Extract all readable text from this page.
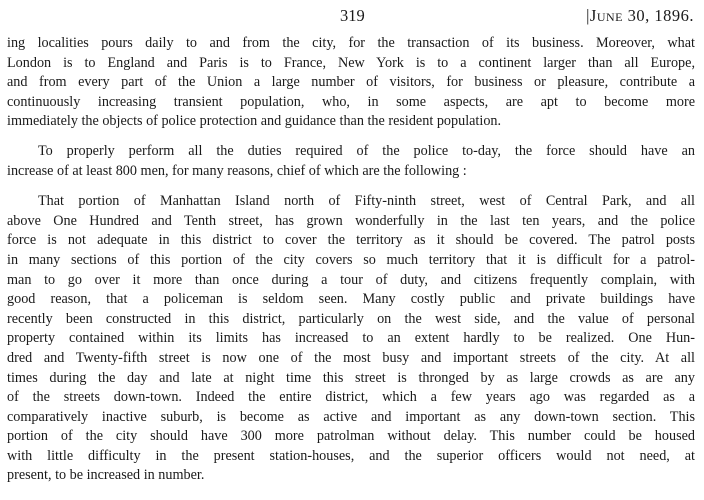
319	|June 30, 1896.
ing localities pours daily to and from the city, for the transaction of its business. Moreover, what
London is to England and Paris is to France, New York is to a continent larger than all Europe,
and from every part of the Union a large number of visitors, for business or pleasure, contribute a
continuously increasing transient population, who, in some aspects, are apt to become more
immediately the objects of police protection and guidance than the resident population.
To properly perform all the duties required of the police to-day, the force should have an
increase of at least 800 men, for many reasons, chief of which are the following :
That portion of Manhattan Island north of Fifty-ninth street, west of Central Park, and all
above One Hundred and Tenth street, has grown wonderfully in the last ten years, and the police
force is not adequate in this district to cover the territory as it should be covered. The patrol posts
in many sections of this portion of the city covers so much territory that it is difficult for a patrol-
man to go over it more than once during a tour of duty, and citizens frequently complain, with
good reason, that a policeman is seldom seen. Many costly public and private buildings have
recently been constructed in this district, particularly on the west side, and the value of personal
property contained within its limits has increased to an extent hardly to be realized. One Hun-
dred and Twenty-fifth street is now one of the most busy and important streets of the city. At all
times during the day and late at night time this street is thronged by as large crowds as are any
of the streets down-town. Indeed the entire district, which a few years ago was regarded as a
comparatively inactive suburb, is become as active and important as any down-town section. This
portion of the city should have 300 more patrolman without delay. This number could be housed
with little difficulty in the present station-houses, and the superior officers would not need, at
present, to be increased in number.
